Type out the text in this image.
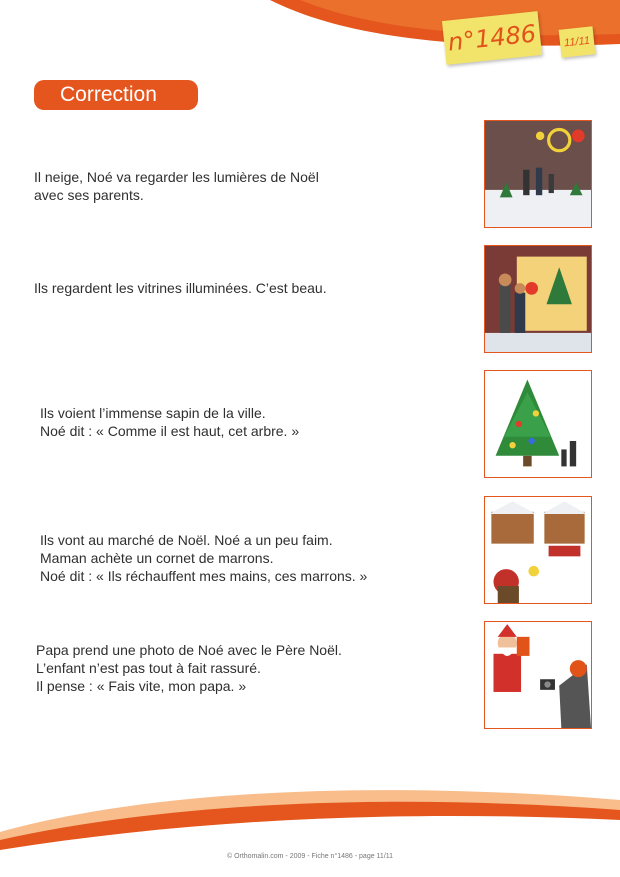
n°1486 11/11
Correction

Il neige, Noé va regarder les lumières de Noël

avec ses parents.

Ils regardent les vitrines illuminées. C’est beau.

Ils voient l’immense sapin de la ville.

Noé dit : « Comme il est haut, cet arbre. »

Ils vont au marché de Noël. Noé a un peu faim.

Maman achète un cornet de marrons.

Noé dit : « Ils réchauffent mes mains, ces marrons. »

Papa prend une photo de Noé avec le Père Noël.

L’enfant n’est pas tout à fait rassuré.

Il pense : « Fais vite, mon papa. »

© Orthomalin.com - 2009 - Fiche n°1486 - page 11/11
